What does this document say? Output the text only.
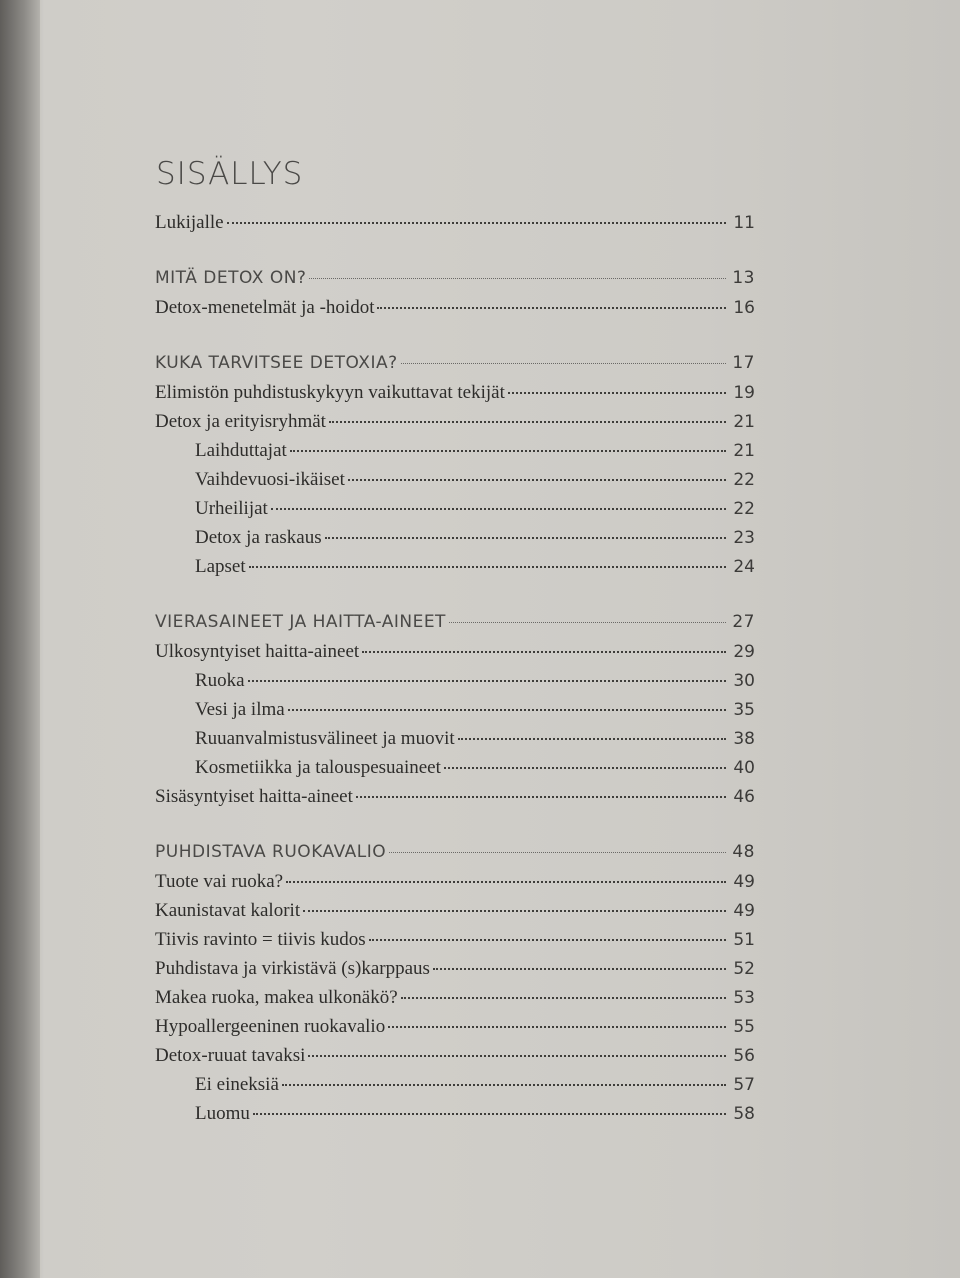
SISÄLLYS
Lukijalle	11
MITÄ DETOX ON?	13
Detox-menetelmät ja -hoidot	16
KUKA TARVITSEE DETOXIA?	17
Elimistön puhdistuskykyyn vaikuttavat tekijät	19
Detox ja erityisryhmät	21
Laihduttajat	21
Vaihdevuosi-ikäiset	22
Urheilijat	22
Detox ja raskaus	23
Lapset	24
VIERASAINEET JA HAITTA-AINEET	27
Ulkosyntyiset haitta-aineet	29
Ruoka	30
Vesi ja ilma	35
Ruuanvalmistusvälineet ja muovit	38
Kosmetiikka ja talouspesuaineet	40
Sisäsyntyiset haitta-aineet	46
PUHDISTAVA RUOKAVALIO	48
Tuote vai ruoka?	49
Kaunistavat kalorit	49
Tiivis ravinto = tiivis kudos	51
Puhdistava ja virkistävä (s)karppaus	52
Makea ruoka, makea ulkonäkö?	53
Hypoallergeeninen ruokavalio	55
Detox-ruuat tavaksi	56
Ei eineksiä	57
Luomu	58
